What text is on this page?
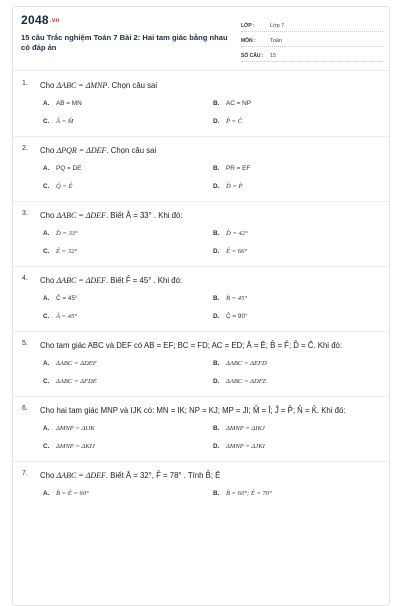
2048.vn
15 câu Trắc nghiệm Toán 7 Bài 2: Hai tam giác bằng nhau có đáp án
LỚP :	Lớp 7
MÔN :	Toán
SỐ CÂU :	15
1. Cho ΔABC = ΔMNP. Chọn câu sai
A.	AB = MN	B.	AC = NP
C. Â = M̂	D. P̂ = Ĉ
2. Cho ΔPQR = ΔDEF. Chọn câu sai
A.	PQ = DE	B.	PR = EF
C. Q̂ = Ê	D. D̂ = P̂
3. Cho ΔABC = ΔDEF. Biết Â = 33° . Khi đó:
A. D̂ = 33°	B. D̂ = 42°
C. Ê = 32°	D. Ê = 66°
4. Cho ΔABC = ΔDEF. Biết F̂ = 45° . Khi đó:
A.	Ĉ = 45°	B. B̂ = 45°
C. Â = 45°	D.	Ĉ = 90°
5. Cho tam giác ABC và DEF có AB = EF; BC = FD; AC = ED; Â = Ê; B̂ = F̂; D̂ = Ĉ. Khi đó:
A. ΔABC = ΔDEF	B. ΔABC = ΔEFD
C. ΔABC = ΔFDE	D. ΔABC = ΔDFE
6. Cho hai tam giác MNP và IJK có: MN = IK; NP = KJ; MP = JI; M̂ = Î; Ĵ = P̂; N̂ = K̂. Khi đó:
A. ΔMNP = ΔIJK	B. ΔMNP = ΔIKJ
C. ΔMNP = ΔKIJ	D. ΔMNP = ΔJKI
7. Cho ΔABC = ΔDEF. Biết Â = 32°, F̂ = 78° . Tính B̂; Ê
A. B̂ = Ê = 60°	B. B̂ = 60°; Ê = 70°
